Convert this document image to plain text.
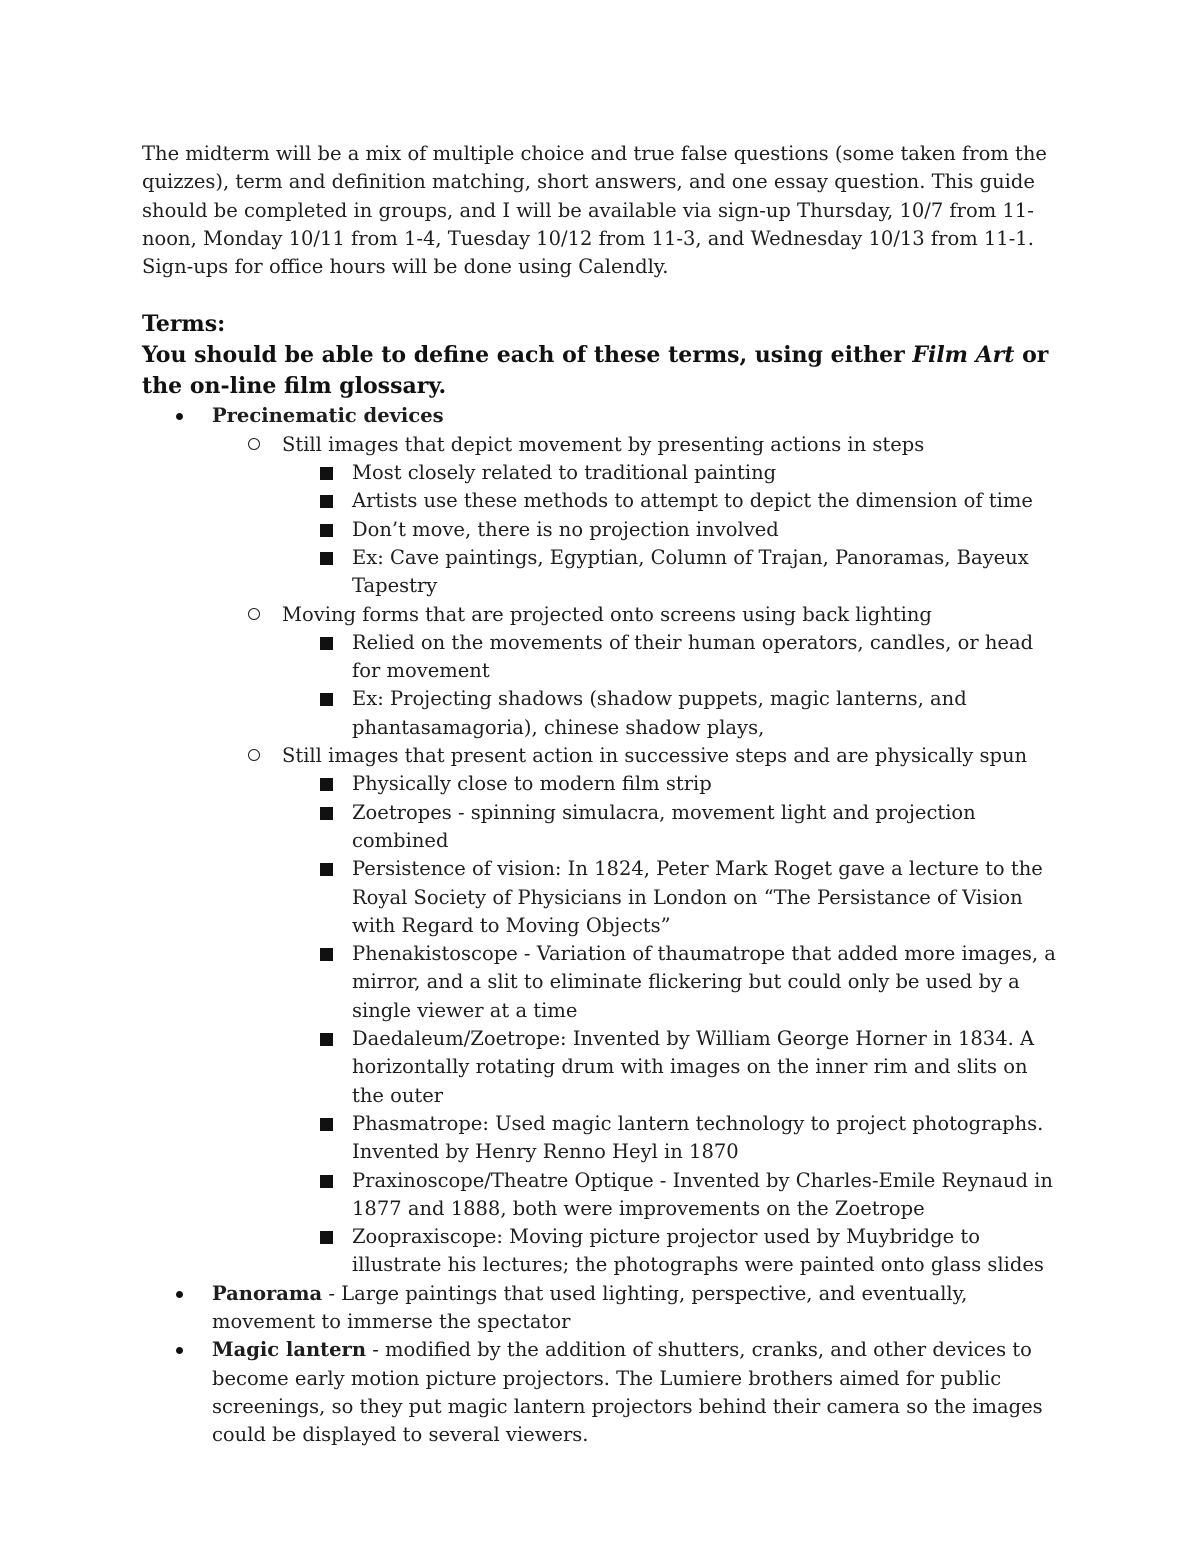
The midterm will be a mix of multiple choice and true false questions (some taken from the quizzes), term and definition matching, short answers, and one essay question. This guide should be completed in groups, and I will be available via sign-up Thursday, 10/7 from 11-noon, Monday 10/11 from 1-4, Tuesday 10/12 from 11-3, and Wednesday 10/13 from 11-1. Sign-ups for office hours will be done using Calendly.

Terms:
You should be able to define each of these terms, using either Film Art or the on-line film glossary.
Precinematic devices
Still images that depict movement by presenting actions in steps
Most closely related to traditional painting
Artists use these methods to attempt to depict the dimension of time
Don’t move, there is no projection involved
Ex: Cave paintings, Egyptian, Column of Trajan, Panoramas, Bayeux Tapestry
Moving forms that are projected onto screens using back lighting
Relied on the movements of their human operators, candles, or head for movement
Ex: Projecting shadows (shadow puppets, magic lanterns, and phantasamagoria), chinese shadow plays,
Still images that present action in successive steps and are physically spun
Physically close to modern film strip
Zoetropes - spinning simulacra, movement light and projection combined
Persistence of vision: In 1824, Peter Mark Roget gave a lecture to the Royal Society of Physicians in London on “The Persistance of Vision with Regard to Moving Objects”
Phenakistoscope - Variation of thaumatrope that added more images, a mirror, and a slit to eliminate flickering but could only be used by a single viewer at a time
Daedaleum/Zoetrope: Invented by William George Horner in 1834. A horizontally rotating drum with images on the inner rim and slits on the outer
Phasmatrope: Used magic lantern technology to project photographs. Invented by Henry Renno Heyl in 1870
Praxinoscope/Theatre Optique - Invented by Charles-Emile Reynaud in 1877 and 1888, both were improvements on the Zoetrope
Zoopraxiscope: Moving picture projector used by Muybridge to illustrate his lectures; the photographs were painted onto glass slides
Panorama - Large paintings that used lighting, perspective, and eventually, movement to immerse the spectator
Magic lantern - modified by the addition of shutters, cranks, and other devices to become early motion picture projectors. The Lumiere brothers aimed for public screenings, so they put magic lantern projectors behind their camera so the images could be displayed to several viewers.
